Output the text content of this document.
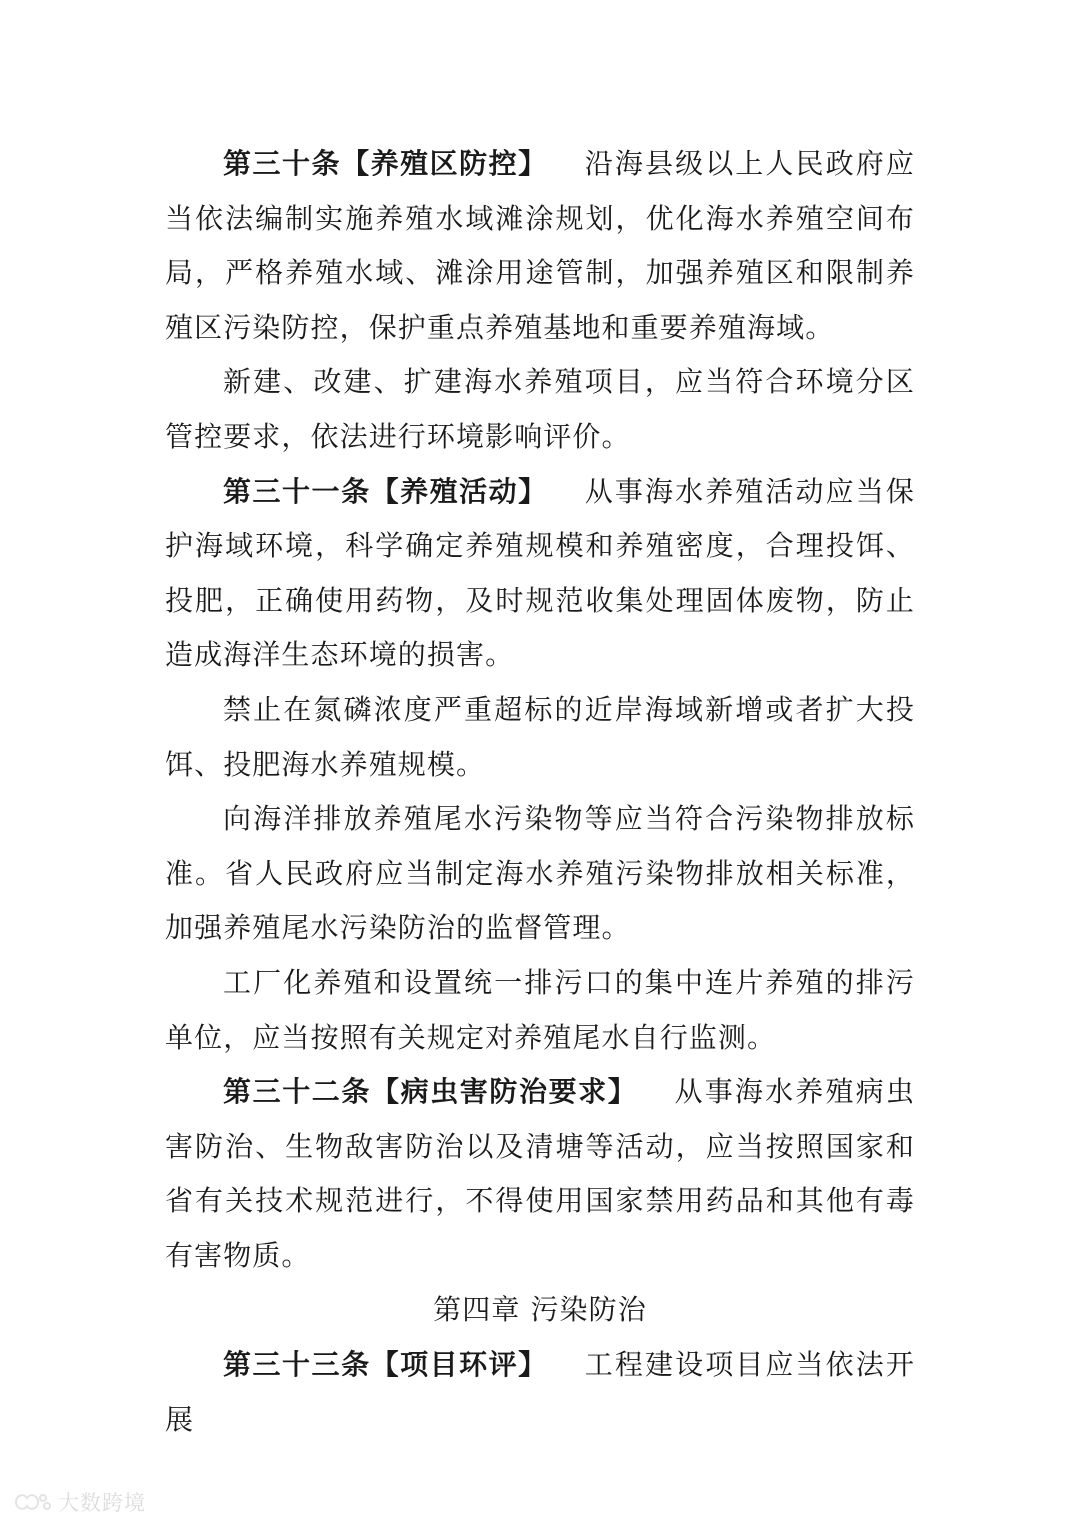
第三十条【养殖区防控】 沿海县级以上人民政府应当依法编制实施养殖水域滩涂规划，优化海水养殖空间布局，严格养殖水域、滩涂用途管制，加强养殖区和限制养殖区污染防控，保护重点养殖基地和重要养殖海域。

新建、改建、扩建海水养殖项目，应当符合环境分区管控要求，依法进行环境影响评价。

第三十一条【养殖活动】 从事海水养殖活动应当保护海域环境，科学确定养殖规模和养殖密度，合理投饵、投肥，正确使用药物，及时规范收集处理固体废物，防止造成海洋生态环境的损害。

禁止在氮磷浓度严重超标的近岸海域新增或者扩大投饵、投肥海水养殖规模。

向海洋排放养殖尾水污染物等应当符合污染物排放标准。省人民政府应当制定海水养殖污染物排放相关标准，加强养殖尾水污染防治的监督管理。

工厂化养殖和设置统一排污口的集中连片养殖的排污单位，应当按照有关规定对养殖尾水自行监测。

第三十二条【病虫害防治要求】 从事海水养殖病虫害防治、生物敌害防治以及清塘等活动，应当按照国家和省有关技术规范进行，不得使用国家禁用药品和其他有毒有害物质。

第四章 污染防治

第三十三条【项目环评】 工程建设项目应当依法开展

大数跨境
